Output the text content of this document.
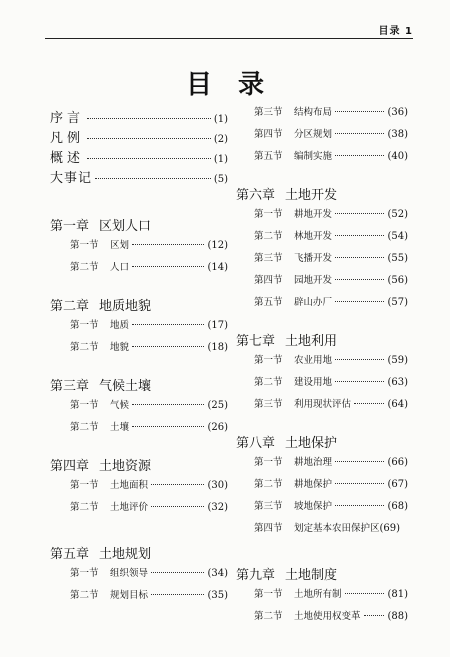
目录 1
目录
序言	(1)
凡例	(2)
概述	(1)
大事记	(5)
第一章 区划人口
第一节	区划	(12)
第二节	人口	(14)
第二章 地质地貌
第一节	地质	(17)
第二节	地貌	(18)
第三章 气候土壤
第一节	气候	(25)
第二节	土壤	(26)
第四章 土地资源
第一节	土地面积	(30)
第二节	土地评价	(32)
第五章 土地规划
第一节	组织领导	(34)
第二节	规划目标	(35)
第三节	结构布局	(36)
第四节	分区规划	(38)
第五节	编制实施	(40)
第六章 土地开发
第一节	耕地开发	(52)
第二节	林地开发	(54)
第三节	飞播开发	(55)
第四节	园地开发	(56)
第五节	辟山办厂	(57)
第七章 土地利用
第一节	农业用地	(59)
第二节	建设用地	(63)
第三节	利用现状评估	(64)
第八章 土地保护
第一节	耕地治理	(66)
第二节	耕地保护	(67)
第三节	坡地保护	(68)
第四节	划定基本农田保护区 (69)
第九章 土地制度
第一节	土地所有制	(81)
第二节	土地使用权变革	(88)
